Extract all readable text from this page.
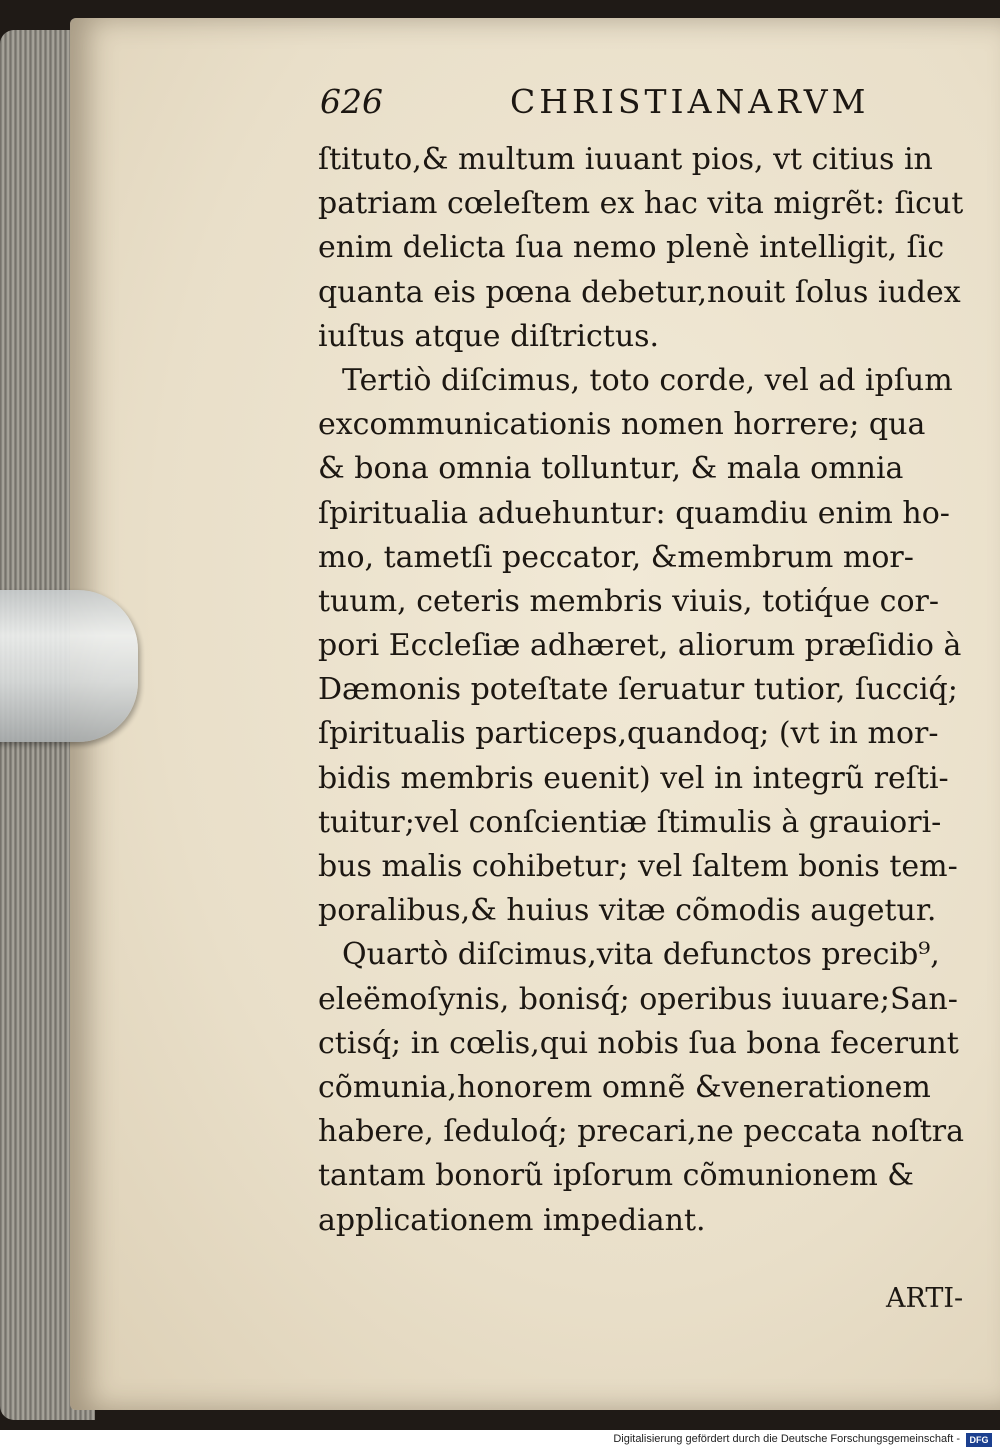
626	CHRISTIANARVM
ſtituto,& multum iuuant pios, vt citius in
patriam cœleſtem ex hac vita migrẽt: ſicut
enim delicta ſua nemo plenè intelligit, ſic
quanta eis pœna debetur,nouit ſolus iudex
iuſtus atque diſtrictus.
Tertiò diſcimus, toto corde, vel ad ipſum
excommunicationis nomen horrere; qua
& bona omnia tolluntur, & mala omnia
ſpiritualia aduehuntur: quamdiu enim ho-
mo, tametſi peccator, &membrum mor-
tuum, ceteris membris viuis, totiq́ue cor-
pori Eccleſiæ adhæret, aliorum præſidio à
Dæmonis poteſtate ſeruatur tutior, ſucciq́;
ſpiritualis particeps,quandoq; (vt in mor-
bidis membris euenit) vel in integrũ reſti-
tuitur;vel conſcientiæ ſtimulis à grauiori-
bus malis cohibetur; vel ſaltem bonis tem-
poralibus,& huius vitæ cõmodis augetur.
Quartò diſcimus,vita defunctos precib⁹,
eleëmoſynis, bonisq́; operibus iuuare;San-
ctisq́; in cœlis,qui nobis ſua bona fecerunt
cõmunia,honorem omnẽ &venerationem
habere, ſeduloq́; precari,ne peccata noſtra
tantam bonorũ ipſorum cõmunionem &
applicationem impediant.
ARTI-
Digitalisierung gefördert durch die Deutsche Forschungsgemeinschaft -	DFG
